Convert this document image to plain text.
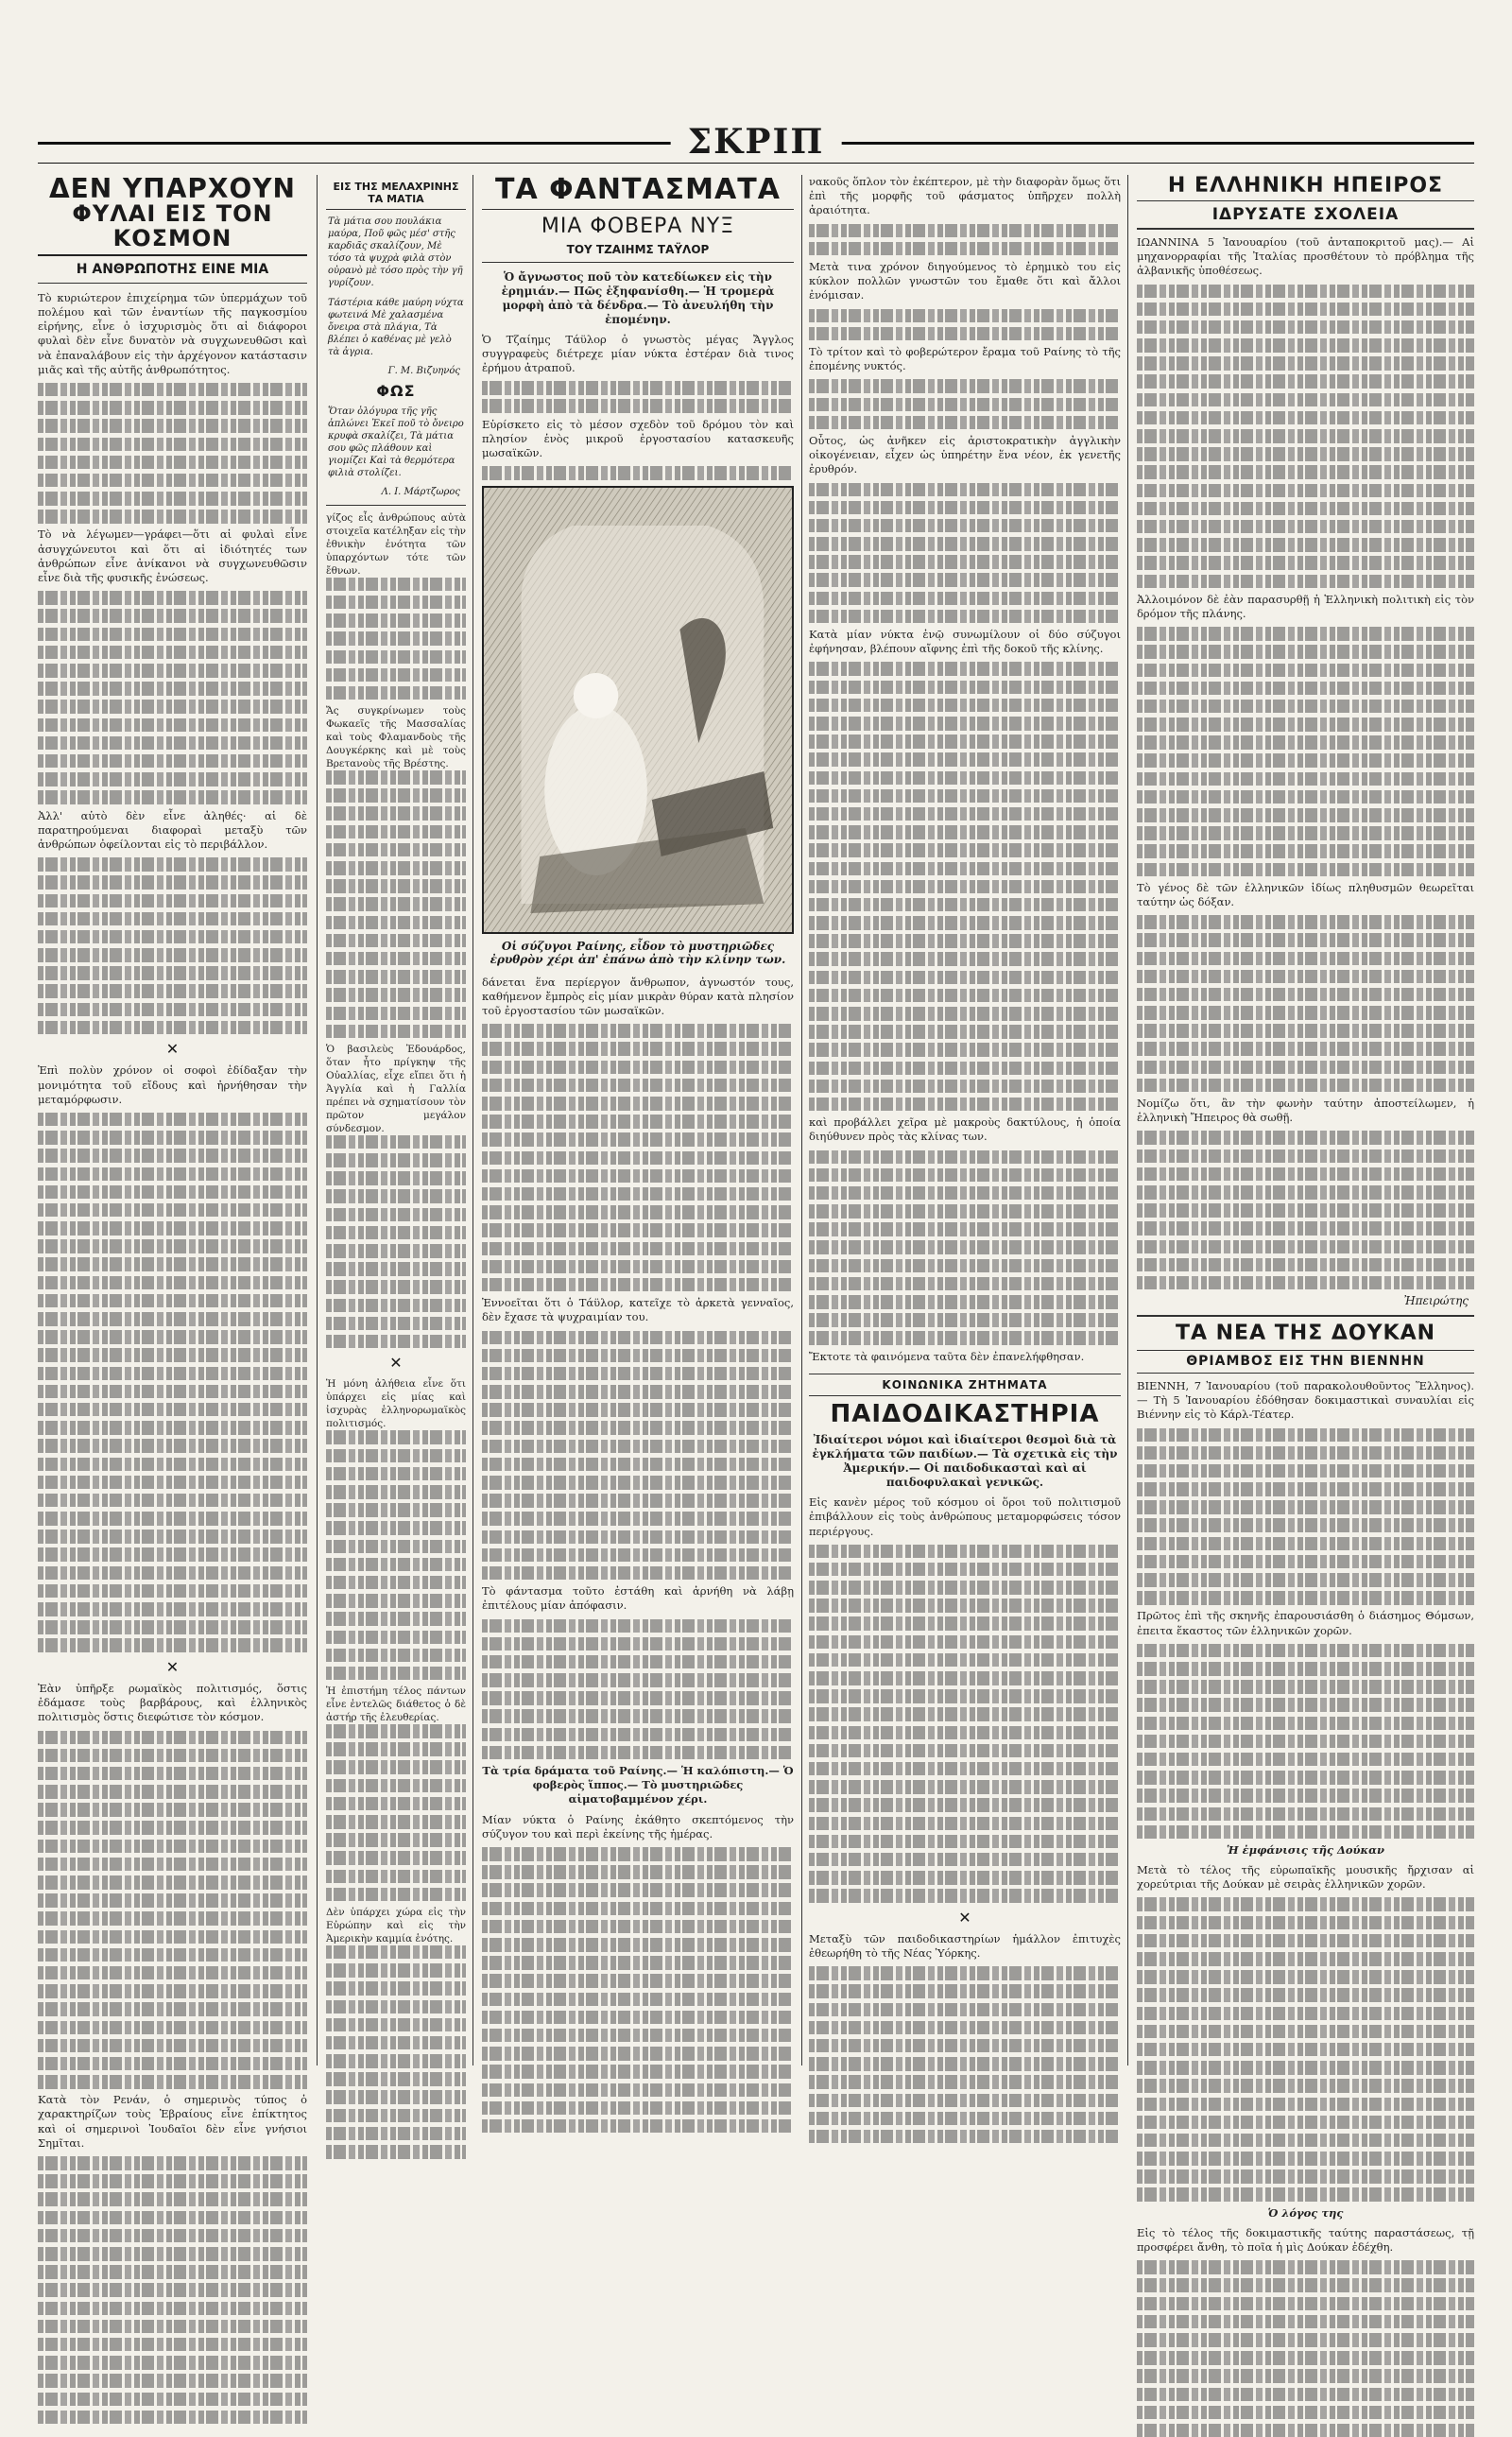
ΣΚΡΙΠ
ΔΕΝ ΥΠΑΡΧΟΥΝ
ΦΥΛΑΙ ΕΙΣ ΤΟΝ ΚΟΣΜΟΝ
Η ΑΝΘΡΩΠΟΤΗΣ ΕΙΝΕ ΜΙΑ

Τὸ κυριώτερον ἐπιχείρημα τῶν ὑπερμάχων τοῦ πολέμου καὶ τῶν ἐναντίων τῆς παγκοσμίου εἰρήνης, εἶνε ὁ ἰσχυρισμὸς ὅτι αἱ διάφοροι φυλαὶ δὲν εἶνε δυνατὸν νὰ συγχωνευθῶσι καὶ νὰ ἐπαναλάβουν εἰς τὴν ἀρχέγονον κατάστασιν μιᾶς καὶ τῆς αὐτῆς ἀνθρωπότητος.

Τὸ νὰ λέγωμεν—γράφει—ὅτι αἱ φυλαὶ εἶνε ἀσυγχώνευτοι καὶ ὅτι αἱ ἰδιότητές των ἀνθρώπων εἶνε ἀνίκανοι νὰ συγχωνευθῶσιν εἶνε διὰ τῆς φυσικῆς ἐνώσεως.

Ἀλλ' αὐτὸ δὲν εἶνε ἀληθές· αἱ δὲ παρατηρούμεναι διαφοραὶ μεταξὺ τῶν ἀνθρώπων ὀφείλονται εἰς τὸ περιβάλλον.

✕

Ἐπὶ πολὺν χρόνον οἱ σοφοὶ ἐδίδαξαν τὴν μονιμότητα τοῦ εἴδους καὶ ἠρνήθησαν τὴν μεταμόρφωσιν.

✕

Ἐὰν ὑπῆρξε ρωμαϊκὸς πολιτισμός, ὅστις ἐδάμασε τοὺς βαρβάρους, καὶ ἑλληνικὸς πολιτισμὸς ὅστις διεφώτισε τὸν κόσμον.

Κατὰ τὸν Ρενάν, ὁ σημερινὸς τύπος ὁ χαρακτηρίζων τοὺς Ἑβραίους εἶνε ἐπίκτητος καὶ οἱ σημερινοὶ Ἰουδαῖοι δὲν εἶνε γνήσιοι Σημῖται.

ΕΙΣ ΤΗΣ ΜΕΛΑΧΡΙΝΗΣ ΤΑ ΜΑΤΙΑ

Τὰ μάτια σου πουλάκια μαύρα, Ποῦ φῶς μέσ' στῆς καρδιᾶς σκαλίζουν, Μὲ τόσο τὰ ψυχρὰ φιλὰ στὸν οὐρανὸ μὲ τόσο πρὸς τὴν γῆ γυρίζουν.

Τάστέρια κάθε μαύρη νύχτα φωτεινά Μὲ χαλασμένα ὄνειρα στὰ πλάγια, Τὰ βλέπει ὁ καθένας μὲ γελὸ τὰ ἀγρια.

Γ. Μ. Βιζυηνός
ΦΩΣ

Ὅταν ὁλόγυρα τῆς γῆς ἁπλώνει Ἐκεῖ ποῦ τὸ ὄνειρο κρυφὰ σκαλίζει, Τὰ μάτια σου φῶς πλάθουν καὶ γιομίζει Καὶ τὰ θερμότερα φιλιὰ στολίζει.

Λ. Ι. Μάρτζωρος

γίζος εἶς ἀνθρώπους αὐτὰ στοιχεῖα κατέληξαν εἰς τὴν ἐθνικὴν ἐνότητα τῶν ὑπαρχόντων τότε τῶν ἔθνων.

Ἄς συγκρίνωμεν τοὺς Φωκαεῖς τῆς Μασσαλίας καὶ τοὺς Φλαμανδοὺς τῆς Δουγκέρκης καὶ μὲ τοὺς Βρετανοὺς τῆς Βρέστης.

Ὁ βασιλεὺς Ἐδουάρδος, ὅταν ἦτο πρίγκηψ τῆς Οὐαλλίας, εἶχε εἴπει ὅτι ἡ Ἀγγλία καὶ ἡ Γαλλία πρέπει νὰ σχηματίσουν τὸν πρῶτον μεγάλον σύνδεσμον.

✕

Ἡ μόνη ἀλήθεια εἶνε ὅτι ὑπάρχει εἰς μίας καὶ ἰσχυρὰς ἑλληνορωμαϊκὸς πολιτισμός.

Ἡ ἐπιστήμη τέλος πάντων εἶνε ἐντελῶς διάθετος ὁ δὲ ἀστήρ τῆς ἐλευθερίας.

Δὲν ὑπάρχει χώρα εἰς τὴν Εὐρώπην καὶ εἰς τὴν Ἀμερικὴν καμμία ἑνότης.

ΤΑ ΦΑΝΤΑΣΜΑΤΑ
ΜΙΑ ΦΟΒΕΡΑ ΝΥΞ
ΤΟΥ ΤΖΑΙΗΜΣ ΤΑΫΛΟΡ

Ὁ ἄγνωστος ποῦ τὸν κατεδίωκεν εἰς τὴν ἐρημιάν.— Πῶς ἐξηφανίσθη.— Ἡ τρομερὰ μορφὴ ἀπὸ τὰ δένδρα.— Τὸ ἀνευλήθη τὴν ἐπομένην.

Ὁ Τζαίημς Τάϋλορ ὁ γνωστὸς μέγας Ἄγγλος συγγραφεὺς διέτρεχε μίαν νύκτα ἐστέραν διὰ τινος ἐρήμου ἀτραποῦ.

Εὑρίσκετο εἰς τὸ μέσον σχεδὸν τοῦ δρόμου τὸν καὶ πλησίον ἑνὸς μικροῦ ἐργοστασίου κατασκευῆς μωσαϊκῶν.

Οἱ σύζυγοι Ραίνης, εἶδον τὸ μυστηριῶδες ἐρυθρὸν χέρι ἀπ' ἐπάνω ἀπὸ τὴν κλίνην των.

δάνεται ἕνα περίεργον ἄνθρωπον, ἀγνωστόν τους, καθήμενον ἔμπρὸς εἰς μίαν μικρὰν θύραν κατὰ πλησίον τοῦ ἐργοστασίου τῶν μωσαϊκῶν.

Ἐννοεῖται ὅτι ὁ Τάϋλορ, κατεῖχε τὸ ἀρκετὰ γενναῖος, δὲν ἔχασε τὰ ψυχραιμίαν του.

Τὸ φάντασμα τοῦτο ἐστάθη καὶ ἀρνήθη νὰ λάβῃ ἐπιτέλους μίαν ἀπόφασιν.

Τὰ τρία δράματα τοῦ Ραίνης.— Ἡ καλόπιστη.— Ὁ φοβερὸς ἵππος.— Τὸ μυστηριῶδες αἱματοβαμμένον χέρι.

Μίαν νύκτα ὁ Ραίνης ἐκάθητο σκεπτόμενος τὴν σύζυγον του καὶ περὶ ἐκείνης τῆς ἡμέρας.

νακοῦς ὅπλον τὸν ἐκέπτερον, μὲ τὴν διαφορὰν ὅμως ὅτι ἐπὶ τῆς μορφῆς τοῦ φάσματος ὑπῆρχεν πολλὴ ἀραιότητα.

Μετὰ τινα χρόνον διηγούμενος τὸ ἐρημικὸ του εἰς κύκλον πολλῶν γνωστῶν του ἔμαθε ὅτι καὶ ἄλλοι ἐνόμισαν.

Τὸ τρίτον καὶ τὸ φοβερώτερον ἔραμα τοῦ Ραίνης τὸ τῆς ἐπομένης νυκτός.

Οὗτος, ὡς ἀνῆκεν εἰς ἀριστοκρατικὴν ἀγγλικὴν οἰκογένειαν, εἶχεν ὡς ὑπηρέτην ἕνα νέον, ἐκ γενετῆς ἐρυθρόν.

Κατὰ μίαν νύκτα ἐνῷ συνωμίλουν οἱ δύο σύζυγοι ἐφήνησαν, βλέπουν αἴφνης ἐπὶ τῆς δοκοῦ τῆς κλίνης.

καὶ προβάλλει χεῖρα μὲ μακροὺς δακτύλους, ἡ ὁποία διηύθυνεν πρὸς τὰς κλίνας των.

Ἔκτοτε τὰ φαινόμενα ταῦτα δὲν ἐπανελήφθησαν.

ΚΟΙΝΩΝΙΚΑ ΖΗΤΗΜΑΤΑ
ΠΑΙΔΟΔΙΚΑΣΤΗΡΙΑ

Ἰδιαίτεροι νόμοι καὶ ἰδιαίτεροι θεσμοὶ διὰ τὰ ἐγκλήματα τῶν παιδίων.— Τὰ σχετικὰ εἰς τὴν Ἀμερικήν.— Οἱ παιδοδικασταὶ καὶ αἱ παιδοφυλακαὶ γενικῶς.

Εἰς κανὲν μέρος τοῦ κόσμου οἱ ὅροι τοῦ πολιτισμοῦ ἐπιβάλλουν εἰς τοὺς ἀνθρώπους μεταμορφώσεις τόσον περιέργους.

✕

Μεταξὺ τῶν παιδοδικαστηρίων ἡμάλλον ἐπιτυχὲς ἐθεωρήθη τὸ τῆς Νέας Ὑόρκης.

Η ΕΛΛΗΝΙΚΗ ΗΠΕΙΡΟΣ
ΙΔΡΥΣΑΤΕ ΣΧΟΛΕΙΑ

ΙΩΑΝΝΙΝΑ 5 Ἰανουαρίου (τοῦ ἀνταποκριτοῦ μας).— Αἱ μηχανορραφίαι τῆς Ἰταλίας προσθέτουν τὸ πρόβλημα τῆς ἀλβανικῆς ὑποθέσεως.

Ἀλλοιμόνον δὲ ἐὰν παρασυρθῇ ἡ Ἑλληνικὴ πολιτικὴ εἰς τὸν δρόμον τῆς πλάνης.

Τὸ γένος δὲ τῶν ἑλληνικῶν ἰδίως πληθυσμῶν θεωρεῖται ταύτην ὡς δόξαν.

Νομίζω ὅτι, ἂν τὴν φωνὴν ταύτην ἀποστείλωμεν, ἡ ἑλληνικὴ Ἤπειρος θὰ σωθῇ.

Ἠπειρώτης
ΤΑ ΝΕΑ ΤΗΣ ΔΟΥΚΑΝ
ΘΡΙΑΜΒΟΣ ΕΙΣ ΤΗΝ ΒΙΕΝΝΗΝ

ΒΙΕΝΝΗ, 7 Ἰανουαρίου (τοῦ παρακολουθοῦντος Ἕλληνος).— Τὴ 5 Ἰανουαρίου ἐδόθησαν δοκιμαστικαὶ συναυλίαι εἰς Βιέννην εἰς τὸ Κάρλ-Τέατερ.

Πρῶτος ἐπὶ τῆς σκηνῆς ἐπαρουσιάσθη ὁ διάσημος Θόμσων, ἐπειτα ἕκαστος τῶν ἑλληνικῶν χορῶν.

Ἡ ἐμφάνισις τῆς Δούκαν

Μετὰ τὸ τέλος τῆς εὐρωπαϊκῆς μουσικῆς ἤρχισαν αἱ χορεύτριαι τῆς Δούκαν μὲ σειρὰς ἑλληνικῶν χορῶν.

Ὁ λόγος της

Εἰς τὸ τέλος τῆς δοκιμαστικῆς ταύτης παραστάσεως, τῇ προσφέρει ἄνθη, τὸ ποῖα ἡ μὶς Δούκαν ἐδέχθη.
